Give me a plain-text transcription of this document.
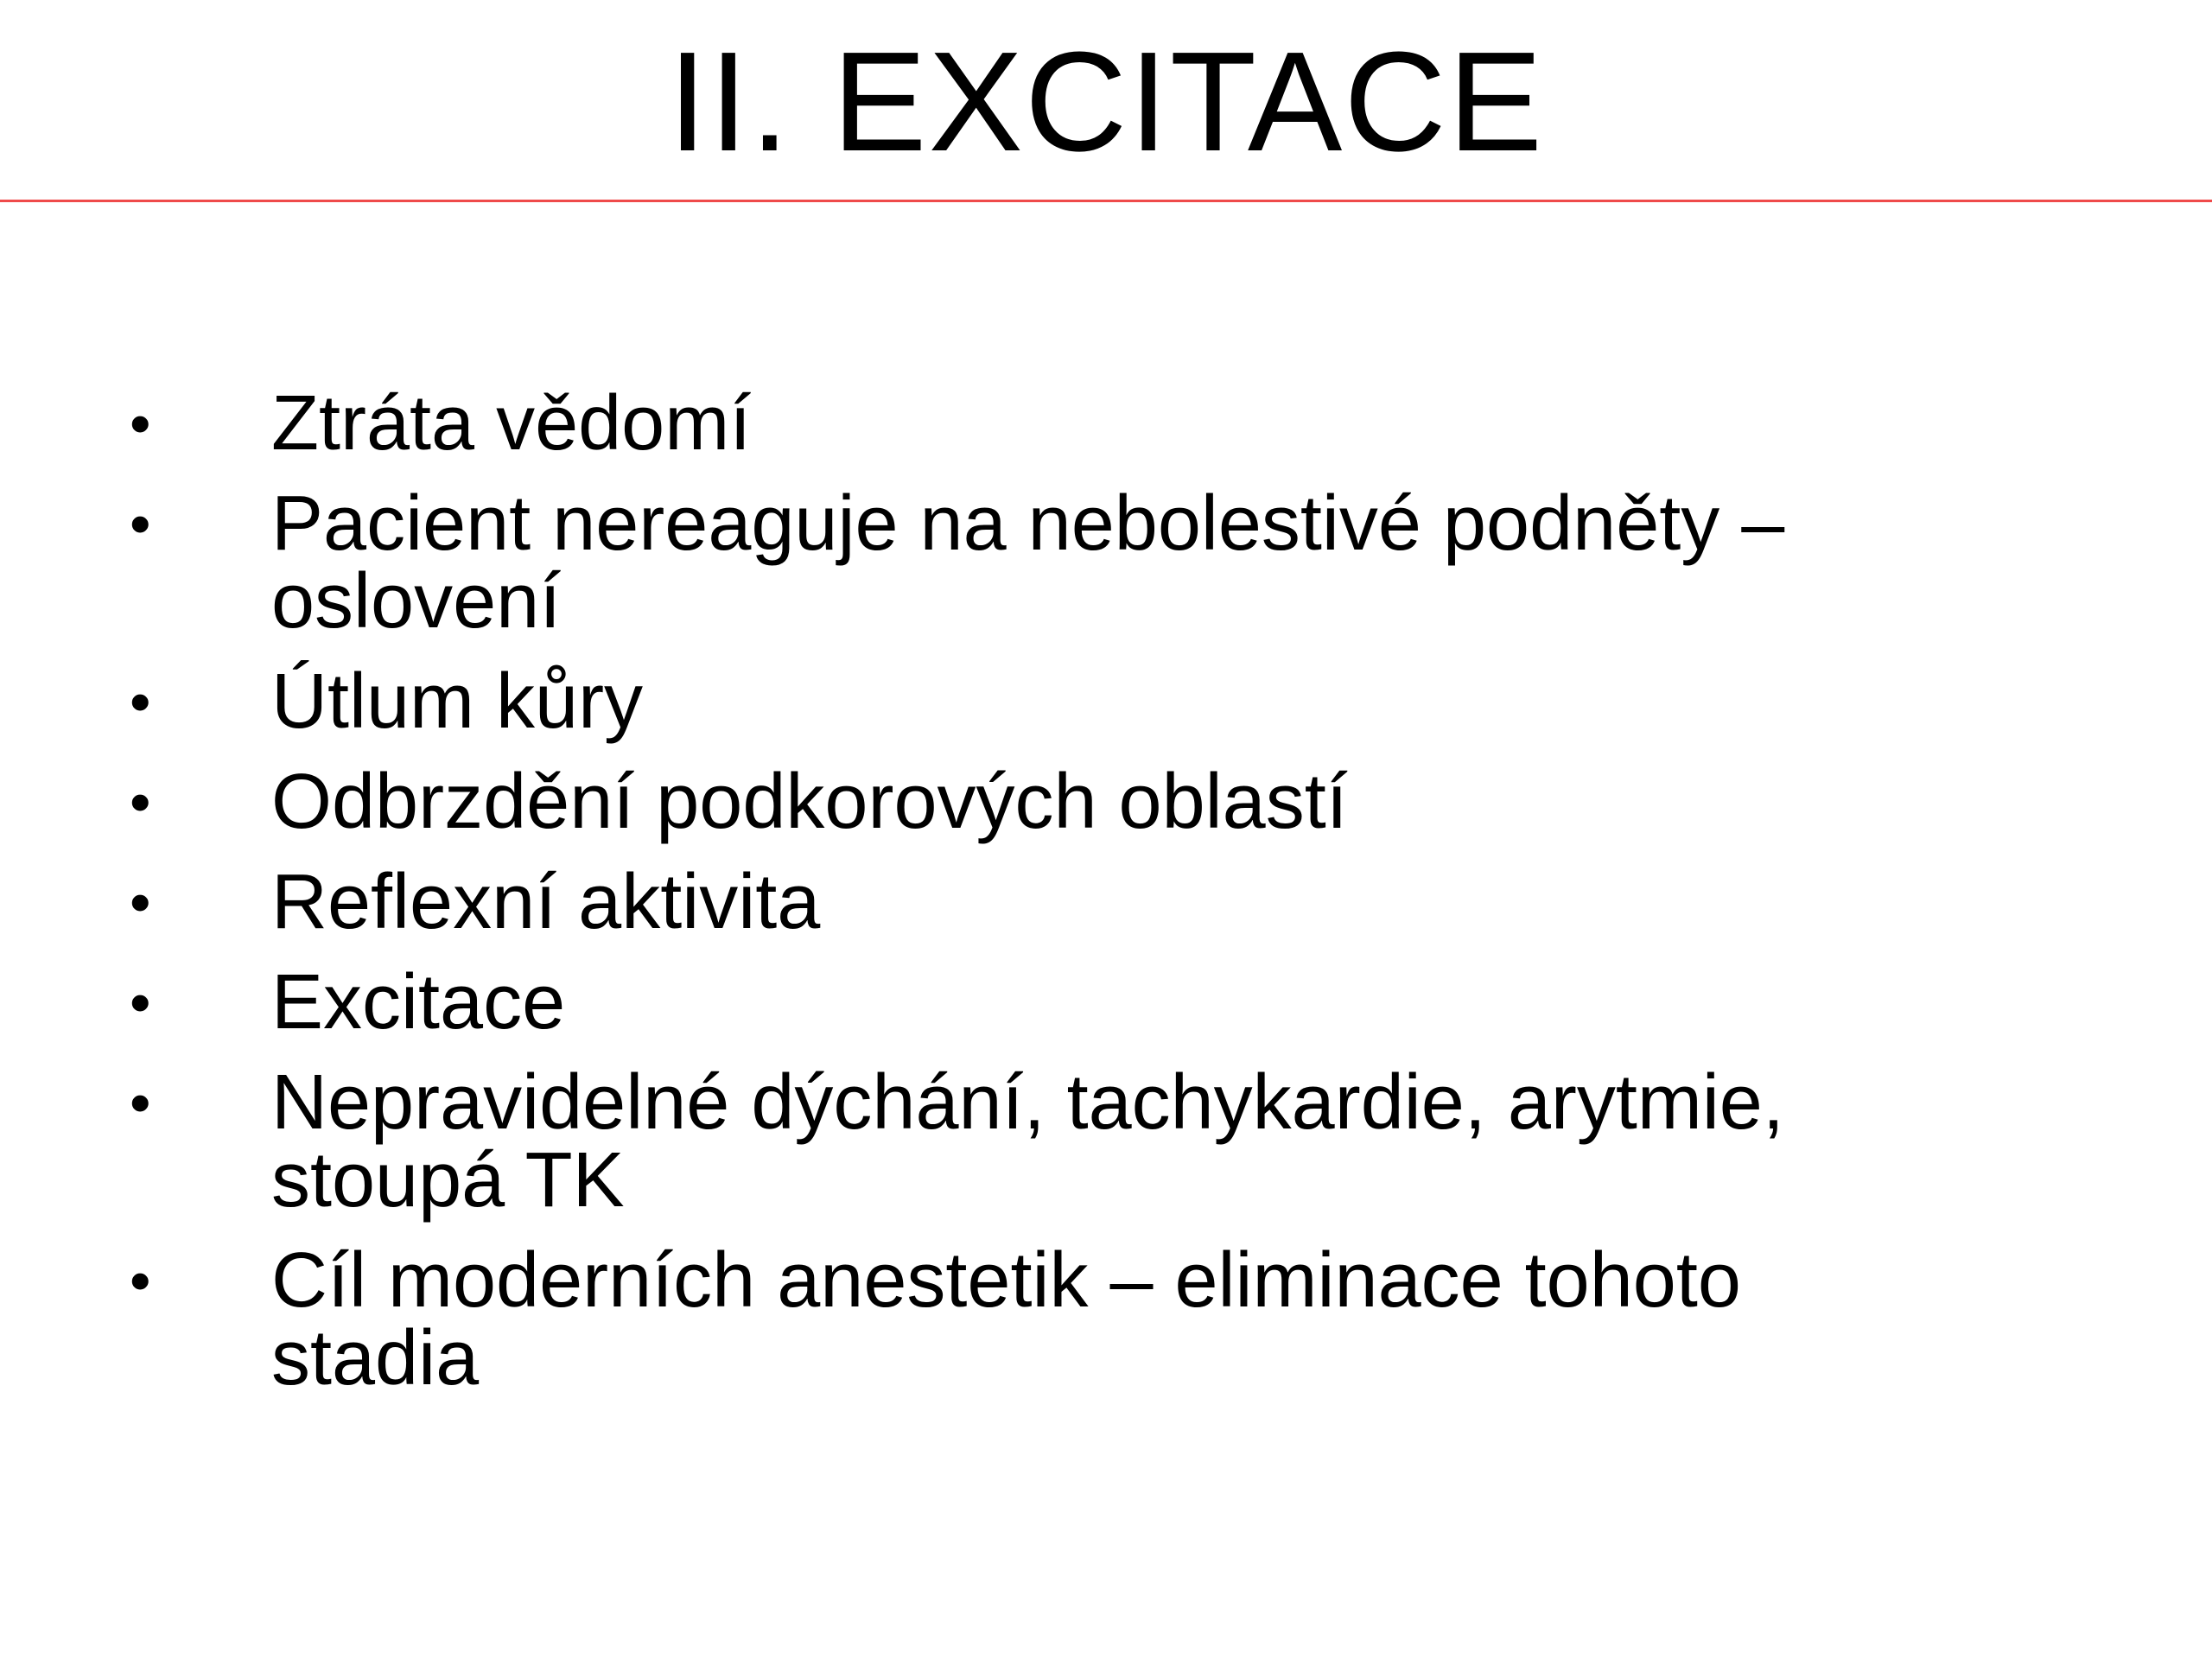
II. EXCITACE
• Ztráta vědomí
• Pacient nereaguje na nebolestivé podněty – oslovení
• Útlum kůry
• Odbrzdění podkorových oblastí
• Reflexní aktivita
• Excitace
• Nepravidelné dýchání, tachykardie, arytmie, stoupá TK
• Cíl moderních anestetik – eliminace tohoto stadia
